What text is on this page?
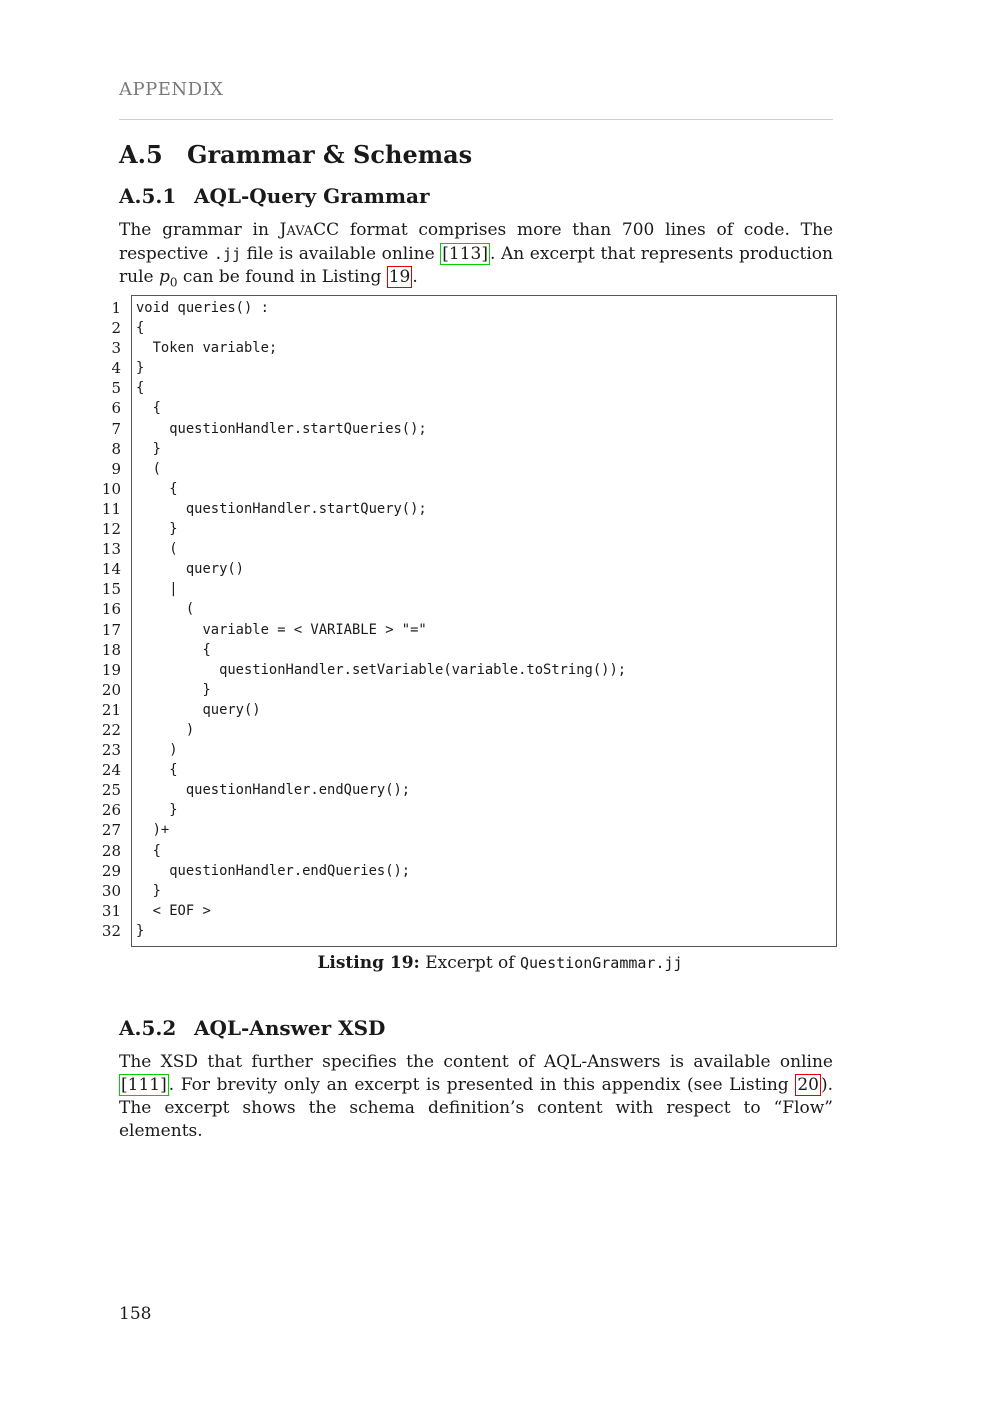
APPENDIX
A.5 Grammar & Schemas
A.5.1 AQL-Query Grammar

The grammar in JAVACC format comprises more than 700 lines of code. The respective .jj file is available online [113] . An excerpt that represents production rule $p_0$ can be found in Listing 19 .

A.5.2 AQL-Answer XSD

The XSD that further specifies the content of AQL-Answers is available online [111] . For brevity only an excerpt is presented in this appendix (see Listing 20 ). The excerpt shows the schema definition’s content with respect to “Flow” elements.

1
2
3
4
5
6
7
8
9
10
11
12
13
14
15
16
17
18
19
20
21
22
23
24
25
26
27
28
29
30
31
32
void queries() :
{
Token variable;
}
{
{
questionHandler.startQueries();
}
(
{
questionHandler.startQuery();
}
(
query()
|
(
variable = < VARIABLE > "="
{
questionHandler.setVariable(variable.toString());
}
query()
)
)
{
questionHandler.endQuery();
}
)+
{
questionHandler.endQueries();
}
< EOF >
}
Listing 19: Excerpt of QuestionGrammar.jj
158
